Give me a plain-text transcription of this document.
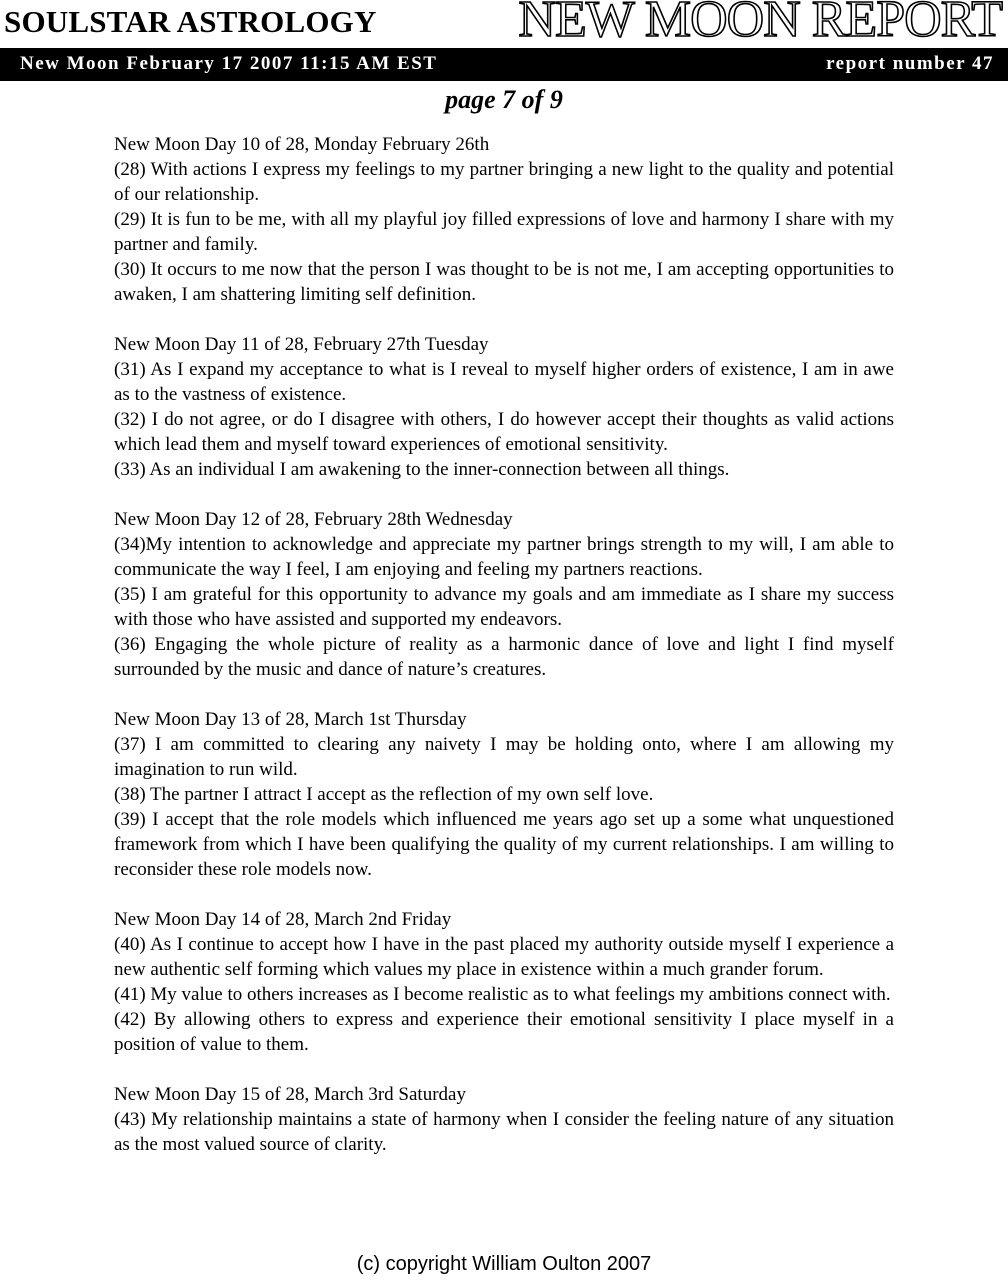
SOULSTAR ASTROLOGY	NEW MOON REPORT
New Moon February 17 2007 11:15 AM EST	report number 47
page 7 of 9
New Moon Day 10 of 28, Monday February 26th
(28) With actions I express my feelings to my partner bringing a new light to the quality and potential of our relationship.
(29) It is fun to be me, with all my playful joy filled expressions of love and harmony I share with my partner and family.
(30) It occurs to me now that the person I was thought to be is not me, I am accepting opportunities to awaken, I am shattering limiting self definition.
New Moon Day 11 of 28, February 27th Tuesday
(31) As I expand my acceptance to what is I reveal to myself higher orders of existence, I am in awe as to the vastness of existence.
(32) I do not agree, or do I disagree with others, I do however accept their thoughts as valid actions which lead them and myself toward experiences of emotional sensitivity.
(33) As an individual I am awakening to the inner-connection between all things.
New Moon Day 12 of 28, February 28th Wednesday
(34)My intention to acknowledge and appreciate my partner brings strength to my will, I am able to communicate the way I feel, I am enjoying and feeling my partners reactions.
(35) I am grateful for this opportunity to advance my goals and am immediate as I share my success with those who have assisted and supported my endeavors.
(36) Engaging the whole picture of reality as a harmonic dance of love and light I find myself surrounded by the music and dance of nature’s creatures.
New Moon Day 13 of 28, March 1st Thursday
(37) I am committed to clearing any naivety I may be holding onto, where I am allowing my imagination to run wild.
(38) The partner I attract I accept as the reflection of my own self love.
(39) I accept that the role models which influenced me years ago set up a some what unquestioned framework from which I have been qualifying the quality of my current relationships. I am willing to reconsider these role models now.
New Moon Day 14 of 28, March 2nd Friday
(40) As I continue to accept how I have in the past placed my authority outside myself I experience a new authentic self forming which values my place in existence within a much grander forum.
(41) My value to others increases as I become realistic as to what feelings my ambitions connect with.
(42) By allowing others to express and experience their emotional sensitivity I place myself in a position of value to them.
New Moon Day 15 of 28, March 3rd Saturday
(43) My relationship maintains a state of harmony when I consider the feeling nature of any situation as the most valued source of clarity.
(c) copyright William Oulton 2007
